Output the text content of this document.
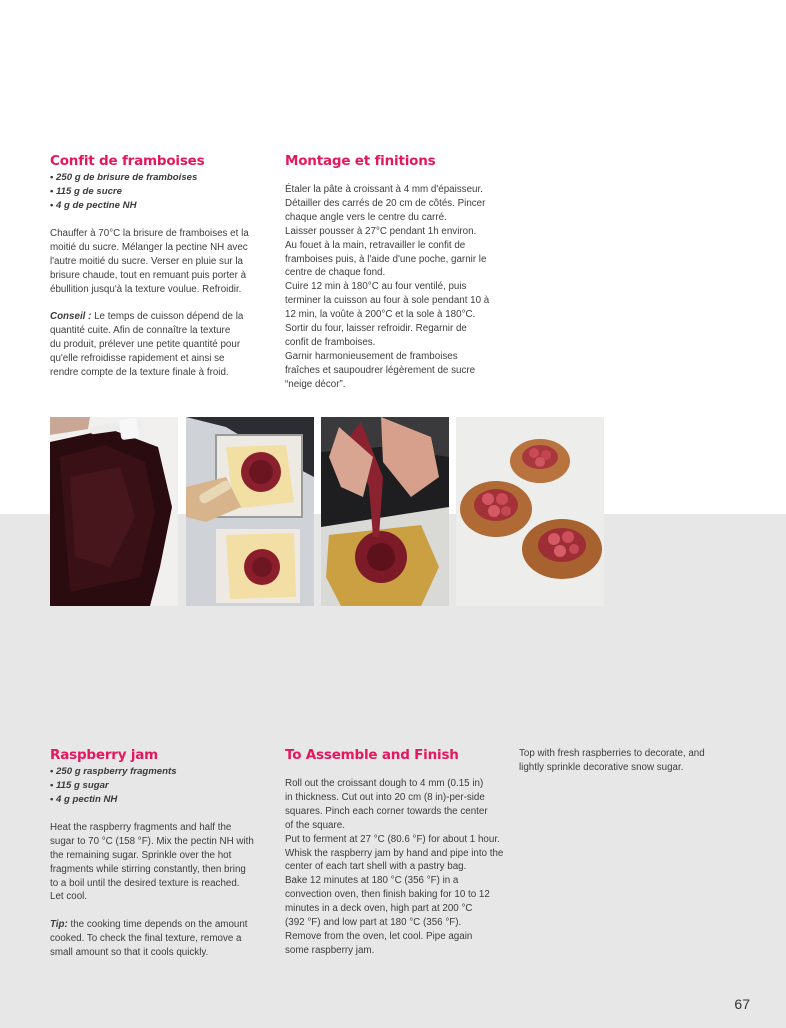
Confit de framboises
• 250 g de brisure de framboises
• 115 g de sucre
• 4 g de pectine NH

Chauffer à 70°C la brisure de framboises et la

moitié du sucre. Mélanger la pectine NH avec

l'autre moitié du sucre. Verser en pluie sur la

brisure chaude, tout en remuant puis porter à

ébullition jusqu'à la texture voulue. Refroidir.

Conseil : Le temps de cuisson dépend de la

quantité cuite. Afin de connaître la texture

du produit, prélever une petite quantité pour

qu'elle refroidisse rapidement et ainsi se

rendre compte de la texture finale à froid.

Montage et finitions

Étaler la pâte à croissant à 4 mm d'épaisseur.

Détailler des carrés de 20 cm de côtés. Pincer

chaque angle vers le centre du carré.

Laisser pousser à 27°C pendant 1h environ.

Au fouet à la main, retravailler le confit de

framboises puis, à l'aide d'une poche, garnir le

centre de chaque fond.

Cuire 12 min à 180°C au four ventilé, puis

terminer la cuisson au four à sole pendant 10 à

12 min, la voûte à 200°C et la sole à 180°C.

Sortir du four, laisser refroidir. Regarnir de

confit de framboises.

Garnir harmonieusement de framboises

fraîches et saupoudrer légèrement de sucre

“neige décor”.

Raspberry jam
• 250 g raspberry fragments
• 115 g sugar
• 4 g pectin NH

Heat the raspberry fragments and half the

sugar to 70 °C (158 °F). Mix the pectin NH with

the remaining sugar. Sprinkle over the hot

fragments while stirring constantly, then bring

to a boil until the desired texture is reached.

Let cool.

Tip: the cooking time depends on the amount

cooked. To check the final texture, remove a

small amount so that it cools quickly.

To Assemble and Finish

Roll out the croissant dough to 4 mm (0.15 in)

in thickness. Cut out into 20 cm (8 in)-per-side

squares. Pinch each corner towards the center

of the square.

Put to ferment at 27 °C (80.6 °F) for about 1 hour.

Whisk the raspberry jam by hand and pipe into the

center of each tart shell with a pastry bag.

Bake 12 minutes at 180 °C (356 °F) in a

convection oven, then finish baking for 10 to 12

minutes in a deck oven, high part at 200 °C

(392 °F) and low part at 180 °C (356 °F).

Remove from the oven, let cool. Pipe again

some raspberry jam.

Top with fresh raspberries to decorate, and

lightly sprinkle decorative snow sugar.

67
